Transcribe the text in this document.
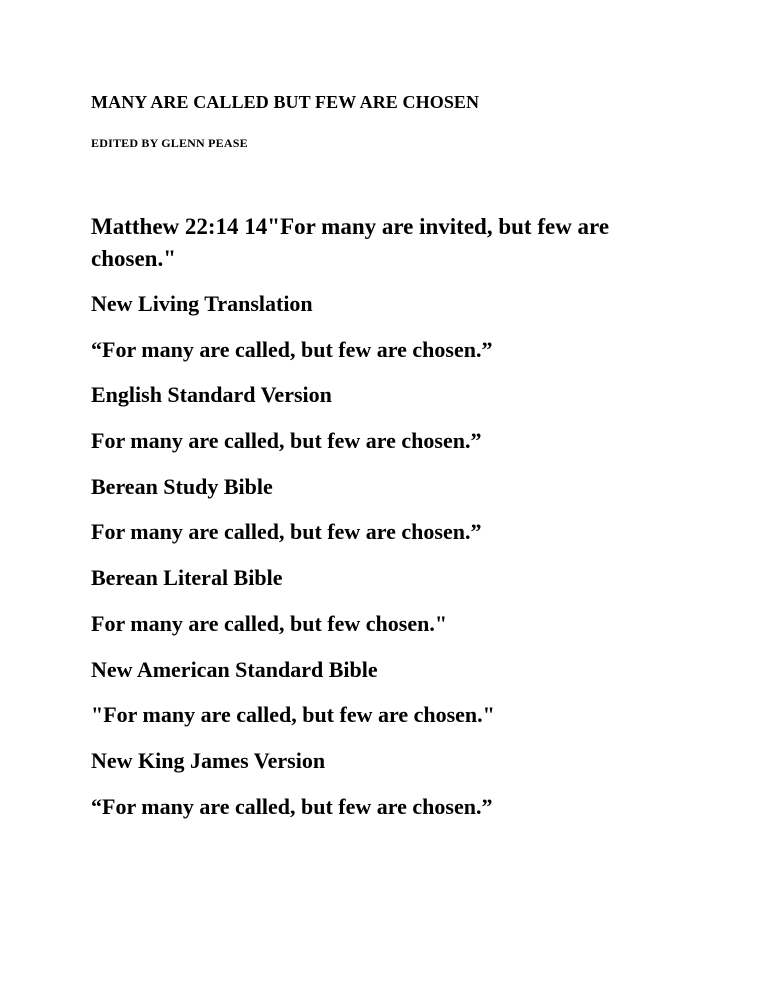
MANY ARE CALLED BUT FEW ARE CHOSEN
EDITED BY GLENN PEASE
Matthew 22:14 14"For many are invited, but few are chosen."
New Living Translation
“For many are called, but few are chosen.”
English Standard Version
For many are called, but few are chosen.”
Berean Study Bible
For many are called, but few are chosen.”
Berean Literal Bible
For many are called, but few chosen."
New American Standard Bible
"For many are called, but few are chosen."
New King James Version
“For many are called, but few are chosen.”
